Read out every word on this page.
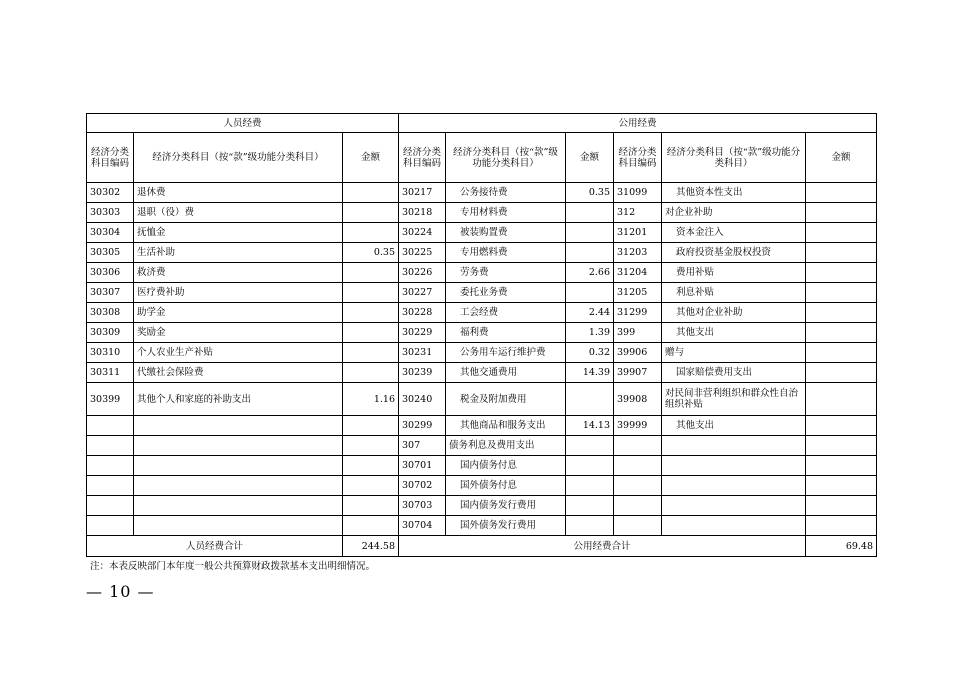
人员经费			公用经费					
经济分类科目编码	经济分类科目（按“款”级功能分类科目）	金额	经济分类科目编码	经济分类科目（按“款”级功能分类科目）	金额	经济分类科目编码	经济分类科目（按“款”级功能分类科目）	金额
30302	退休费		30217	公务接待费	0.35	31099	其他资本性支出	
30303	退职（役）费		30218	专用材料费		312	对企业补助	
30304	抚恤金		30224	被装购置费		31201	资本金注入	
30305	生活补助	0.35	30225	专用燃料费		31203	政府投资基金股权投资	
30306	救济费		30226	劳务费	2.66	31204	费用补贴	
30307	医疗费补助		30227	委托业务费		31205	利息补贴	
30308	助学金		30228	工会经费	2.44	31299	其他对企业补助	
30309	奖励金		30229	福利费	1.39	399	其他支出	
30310	个人农业生产补贴		30231	公务用车运行维护费	0.32	39906	赠与	
30311	代缴社会保险费		30239	其他交通费用	14.39	39907	国家赔偿费用支出	
30399	其他个人和家庭的补助支出	1.16	30240	税金及附加费用		39908	对民间非营利组织和群众性自治组织补贴	
			30299	其他商品和服务支出	14.13	39999	其他支出	
			307	债务利息及费用支出				
			30701	国内债务付息				
			30702	国外债务付息				
			30703	国内债务发行费用				
			30704	国外债务发行费用				
人员经费合计		244.58	公用经费合计					69.48
注：本表反映部门本年度一般公共预算财政拨款基本支出明细情况。
— 10 —
